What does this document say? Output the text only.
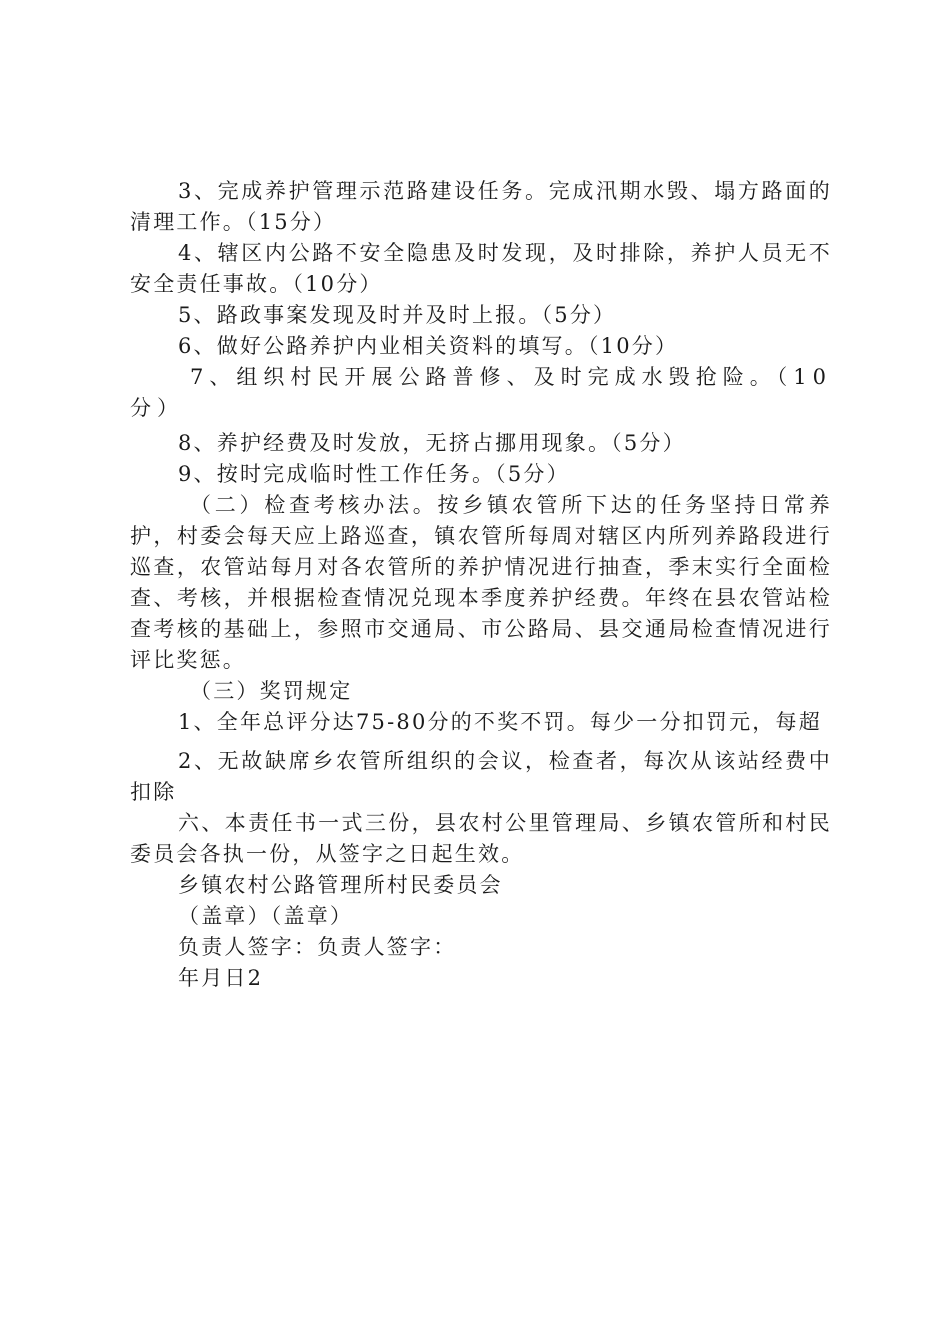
3、完成养护管理示范路建设任务。完成汛期水毁、塌方路面的清理工作。（15分）

4、辖区内公路不安全隐患及时发现，及时排除，养护人员无不安全责任事故。（10分）

5、路政事案发现及时并及时上报。（5分）

6、做好公路养护内业相关资料的填写。（10分）

7、组织村民开展公路普修、及时完成水毁抢险。（10分）

8、养护经费及时发放，无挤占挪用现象。（5分）

9、按时完成临时性工作任务。（5分）

（二）检查考核办法。按乡镇农管所下达的任务坚持日常养护，村委会每天应上路巡查，镇农管所每周对辖区内所列养路段进行巡查，农管站每月对各农管所的养护情况进行抽查，季末实行全面检查、考核，并根据检查情况兑现本季度养护经费。年终在县农管站检查考核的基础上，参照市交通局、市公路局、县交通局检查情况进行评比奖惩。

（三）奖罚规定

1、全年总评分达75-80分的不奖不罚。每少一分扣罚元，每超

2、无故缺席乡农管所组织的会议，检查者，每次从该站经费中扣除

六、本责任书一式三份，县农村公里管理局、乡镇农管所和村民委员会各执一份，从签字之日起生效。

乡镇农村公路管理所村民委员会

（盖章）（盖章）

负责人签字：负责人签字：

年月日2
